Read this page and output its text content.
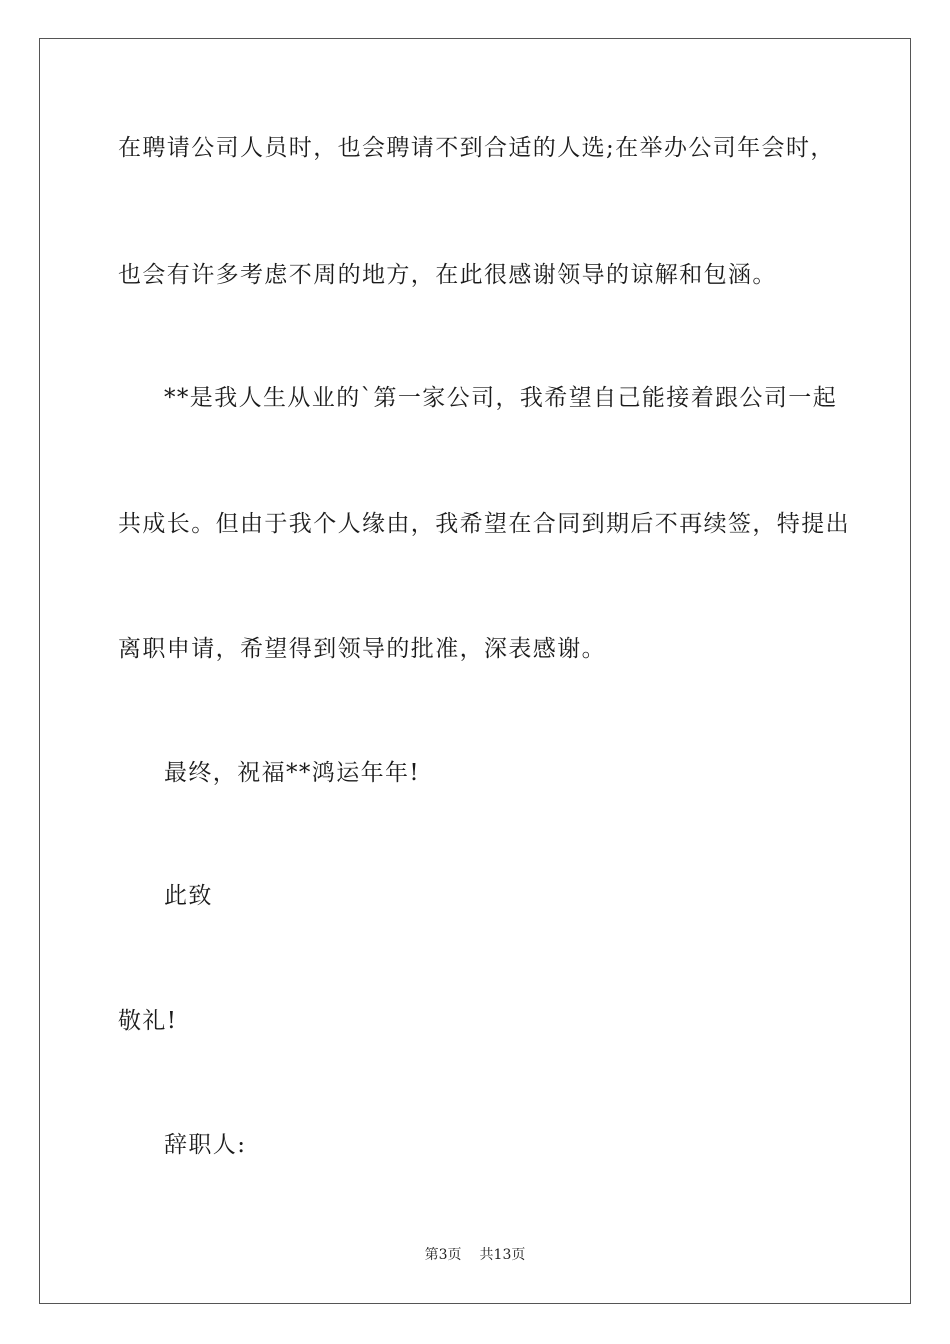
在聘请公司人员时，也会聘请不到合适的人选;在举办公司年会时，
也会有许多考虑不周的地方，在此很感谢领导的谅解和包涵。
**是我人生从业的`第一家公司，我希望自己能接着跟公司一起
共成长。但由于我个人缘由，我希望在合同到期后不再续签，特提出
离职申请，希望得到领导的批准，深表感谢。
最终，祝福**鸿运年年!
此致
敬礼!
辞职人:
第3页 共13页
